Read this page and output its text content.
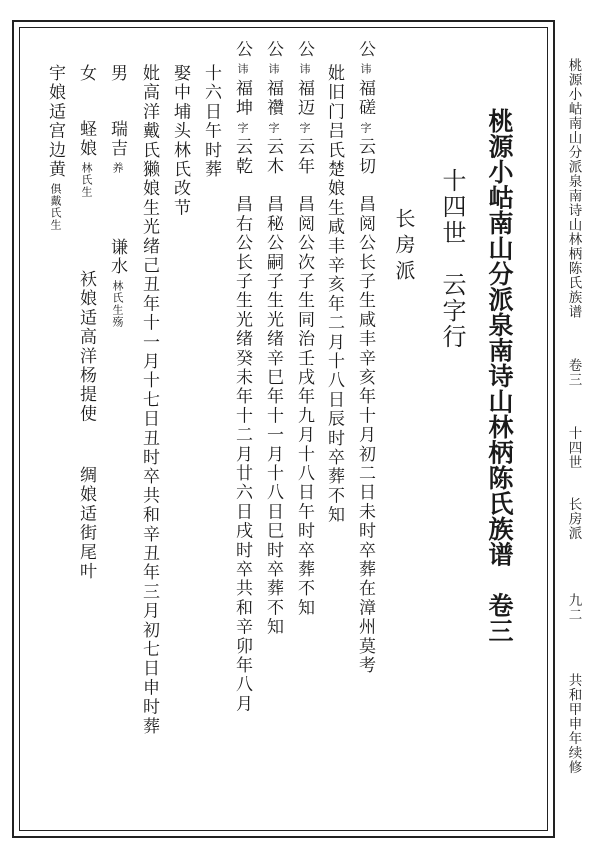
桃源小岵南山分派泉南诗山林柄陈氏族谱 卷三 十四世 长房派 九二 共和甲申年续修
桃源小岵南山分派泉南诗山林柄陈氏族谱　卷三
十四世　云字行
长房派
公讳福磋字云切　昌阅公长子生咸丰辛亥年十月初二日未时卒葬在漳州莫考
妣旧门吕氏楚娘生咸丰辛亥年二月十八日辰时卒葬不知
公讳福迈字云年　昌阅公次子生同治壬戌年九月十八日午时卒葬不知
公讳福禶字云木　昌秘公嗣子生光绪辛巳年十一月十八日巳时卒葬不知
公讳福坤字云乾　昌右公长子生光绪癸未年十二月廿六日戌时卒共和辛卯年八月
十六日午时葬
娶中埔头林氏改节
妣高洋戴氏獭娘生光绪己丑年十一月十七日丑时卒共和辛丑年三月初七日申时葬
男
瑞吉养
谦水林氏生殇
女
蛏娘林氏生
袄娘适高洋杨提使
绸娘适街尾叶
宇娘适宫边黄俱戴氏生
